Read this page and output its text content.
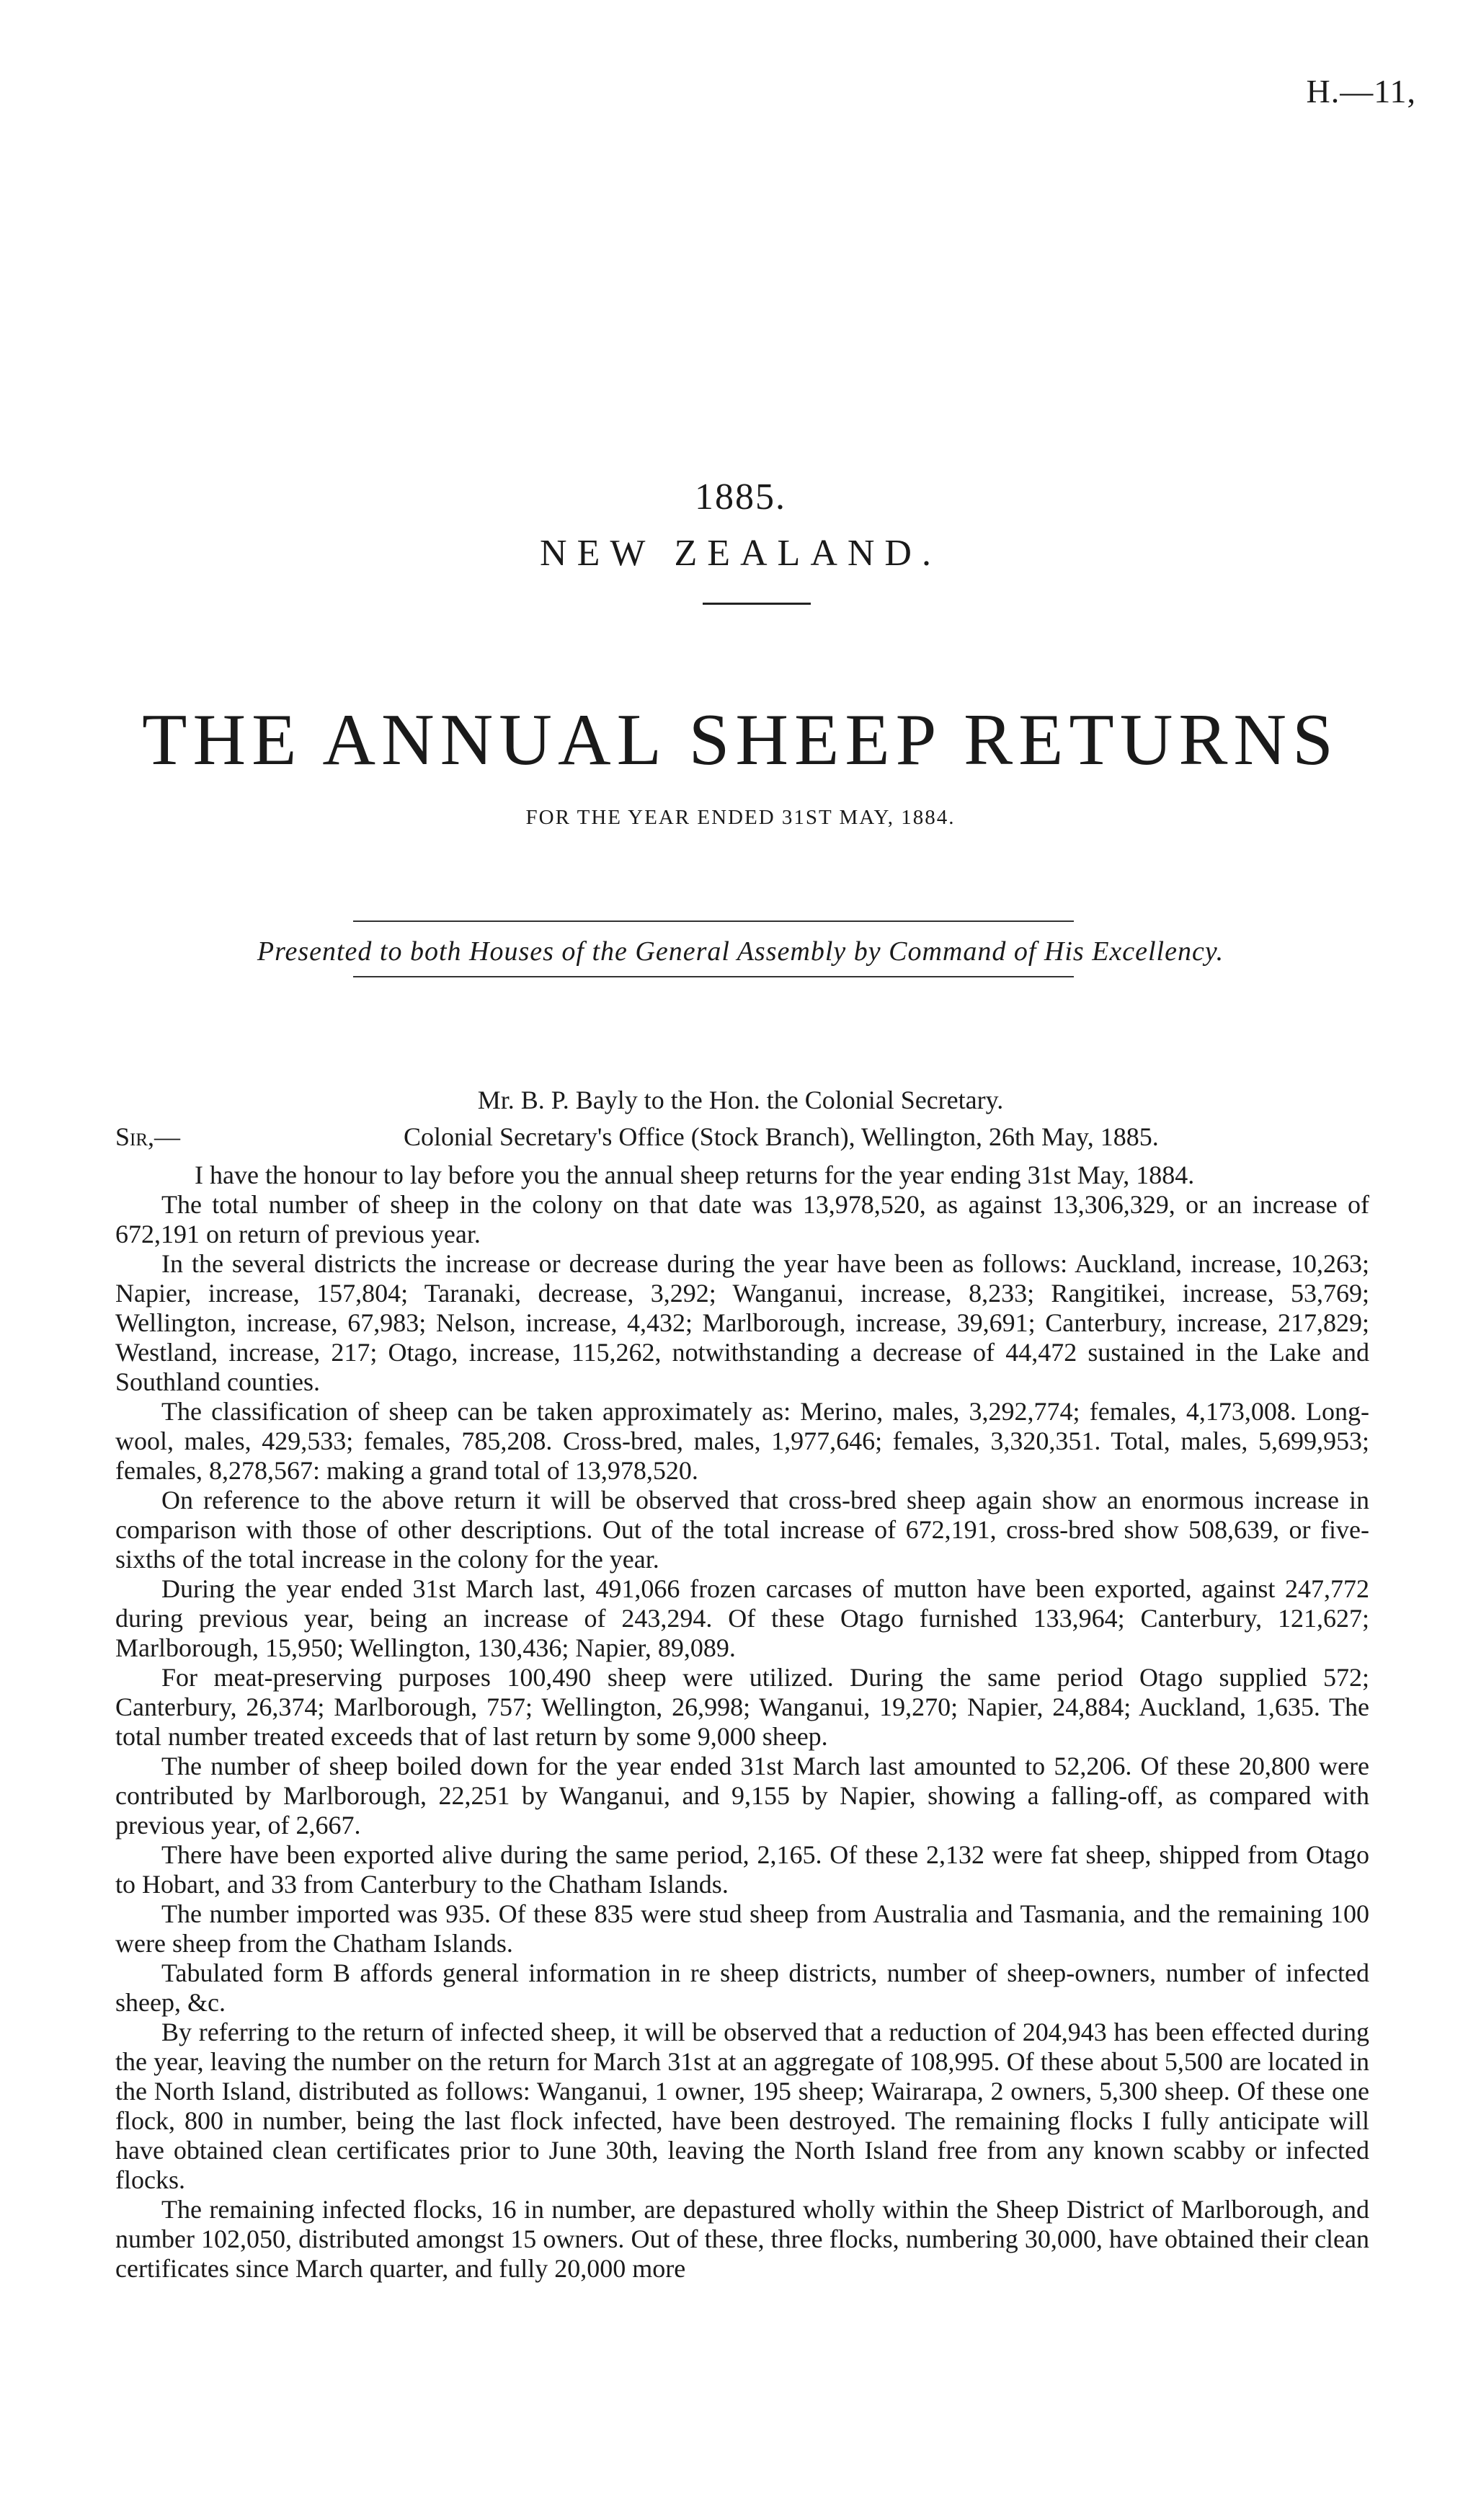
H.—11,
1885.
NEW ZEALAND.
THE ANNUAL SHEEP RETURNS
FOR THE YEAR ENDED 31ST MAY, 1884.
Presented to both Houses of the General Assembly by Command of His Excellency.
Mr. B. P. Bayly to the Hon. the Colonial Secretary.
Sir,—	Colonial Secretary's Office (Stock Branch), Wellington, 26th May, 1885.

I have the honour to lay before you the annual sheep returns for the year ending 31st May, 1884.

The total number of sheep in the colony on that date was 13,978,520, as against 13,306,329, or an increase of 672,191 on return of previous year.

In the several districts the increase or decrease during the year have been as follows: Auckland, increase, 10,263; Napier, increase, 157,804; Taranaki, decrease, 3,292; Wanganui, increase, 8,233; Rangitikei, increase, 53,769; Wellington, increase, 67,983; Nelson, increase, 4,432; Marlborough, increase, 39,691; Canterbury, increase, 217,829; Westland, increase, 217; Otago, increase, 115,262, notwithstanding a decrease of 44,472 sustained in the Lake and Southland counties.

The classification of sheep can be taken approximately as: Merino, males, 3,292,774; females, 4,173,008. Long-wool, males, 429,533; females, 785,208. Cross-bred, males, 1,977,646; females, 3,320,351. Total, males, 5,699,953; females, 8,278,567: making a grand total of 13,978,520.

On reference to the above return it will be observed that cross-bred sheep again show an enormous increase in comparison with those of other descriptions. Out of the total increase of 672,191, cross-bred show 508,639, or five-sixths of the total increase in the colony for the year.

During the year ended 31st March last, 491,066 frozen carcases of mutton have been exported, against 247,772 during previous year, being an increase of 243,294. Of these Otago furnished 133,964; Canterbury, 121,627; Marlborough, 15,950; Wellington, 130,436; Napier, 89,089.

For meat-preserving purposes 100,490 sheep were utilized. During the same period Otago supplied 572; Canterbury, 26,374; Marlborough, 757; Wellington, 26,998; Wanganui, 19,270; Napier, 24,884; Auckland, 1,635. The total number treated exceeds that of last return by some 9,000 sheep.

The number of sheep boiled down for the year ended 31st March last amounted to 52,206. Of these 20,800 were contributed by Marlborough, 22,251 by Wanganui, and 9,155 by Napier, showing a falling-off, as compared with previous year, of 2,667.

There have been exported alive during the same period, 2,165. Of these 2,132 were fat sheep, shipped from Otago to Hobart, and 33 from Canterbury to the Chatham Islands.

The number imported was 935. Of these 835 were stud sheep from Australia and Tasmania, and the remaining 100 were sheep from the Chatham Islands.

Tabulated form B affords general information in re sheep districts, number of sheep-owners, number of infected sheep, &c.

By referring to the return of infected sheep, it will be observed that a reduction of 204,943 has been effected during the year, leaving the number on the return for March 31st at an aggregate of 108,995. Of these about 5,500 are located in the North Island, distributed as follows: Wanganui, 1 owner, 195 sheep; Wairarapa, 2 owners, 5,300 sheep. Of these one flock, 800 in number, being the last flock infected, have been destroyed. The remaining flocks I fully anticipate will have obtained clean certificates prior to June 30th, leaving the North Island free from any known scabby or infected flocks.

The remaining infected flocks, 16 in number, are depastured wholly within the Sheep District of Marlborough, and number 102,050, distributed amongst 15 owners. Out of these, three flocks, numbering 30,000, have obtained their clean certificates since March quarter, and fully 20,000 more
